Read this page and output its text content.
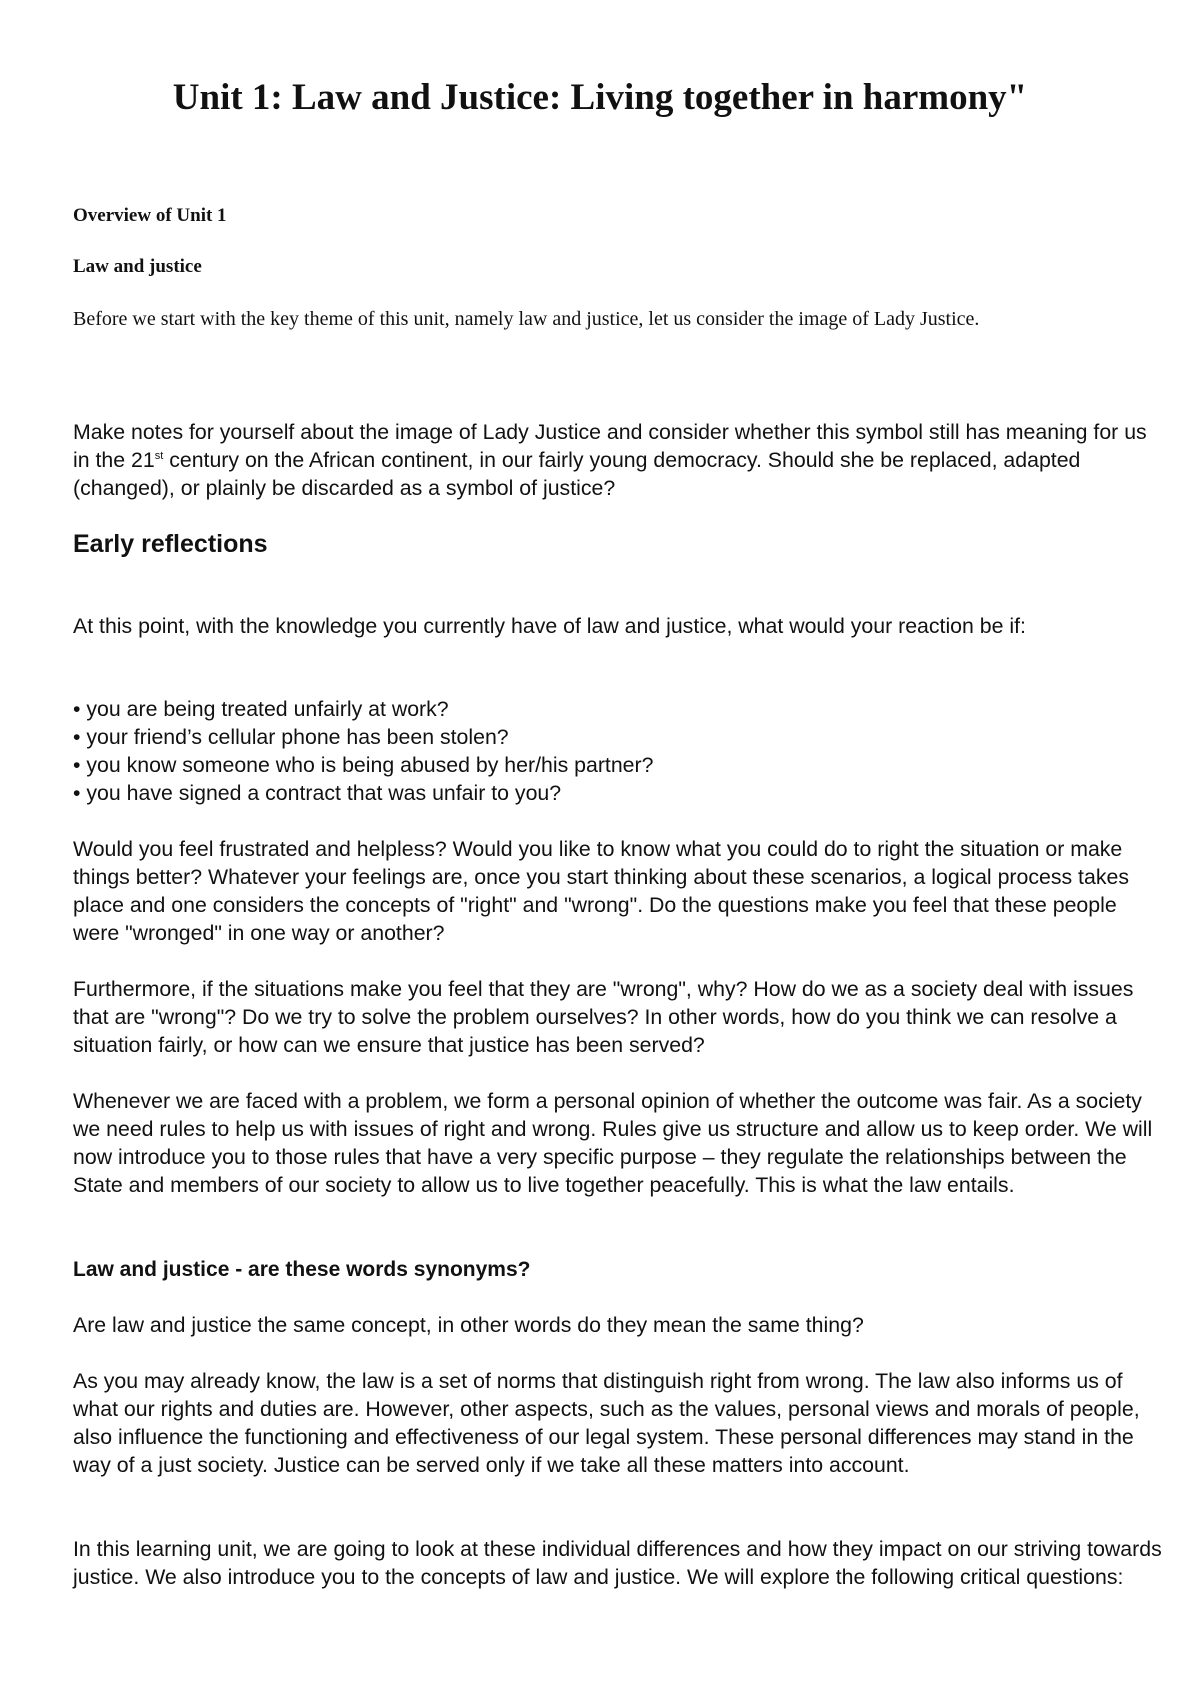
Unit 1: Law and Justice: Living together in harmony"

Overview of Unit 1

Law and justice

Before we start with the key theme of this unit, namely law and justice, let us consider the image of Lady Justice.

Make notes for yourself about the image of Lady Justice and consider whether this symbol still has meaning for us in the 21st century on the African continent, in our fairly young democracy. Should she be replaced, adapted (changed), or plainly be discarded as a symbol of justice?

Early reflections

At this point, with the knowledge you currently have of law and justice, what would your reaction be if:

• you are being treated unfairly at work?
• your friend’s cellular phone has been stolen?
• you know someone who is being abused by her/his partner?
• you have signed a contract that was unfair to you?

Would you feel frustrated and helpless? Would you like to know what you could do to right the situation or make things better? Whatever your feelings are, once you start thinking about these scenarios, a logical process takes place and one considers the concepts of "right" and "wrong". Do the questions make you feel that these people were "wronged" in one way or another?

Furthermore, if the situations make you feel that they are "wrong", why? How do we as a society deal with issues that are "wrong"? Do we try to solve the problem ourselves? In other words, how do you think we can resolve a situation fairly, or how can we ensure that justice has been served?

Whenever we are faced with a problem, we form a personal opinion of whether the outcome was fair. As a society we need rules to help us with issues of right and wrong. Rules give us structure and allow us to keep order. We will now introduce you to those rules that have a very specific purpose – they regulate the relationships between the State and members of our society to allow us to live together peacefully. This is what the law entails.

Law and justice - are these words synonyms?

Are law and justice the same concept, in other words do they mean the same thing?

As you may already know, the law is a set of norms that distinguish right from wrong. The law also informs us of what our rights and duties are. However, other aspects, such as the values, personal views and morals of people, also influence the functioning and effectiveness of our legal system. These personal differences may stand in the way of a just society. Justice can be served only if we take all these matters into account.

In this learning unit, we are going to look at these individual differences and how they impact on our striving towards justice. We also introduce you to the concepts of law and justice. We will explore the following critical questions:
